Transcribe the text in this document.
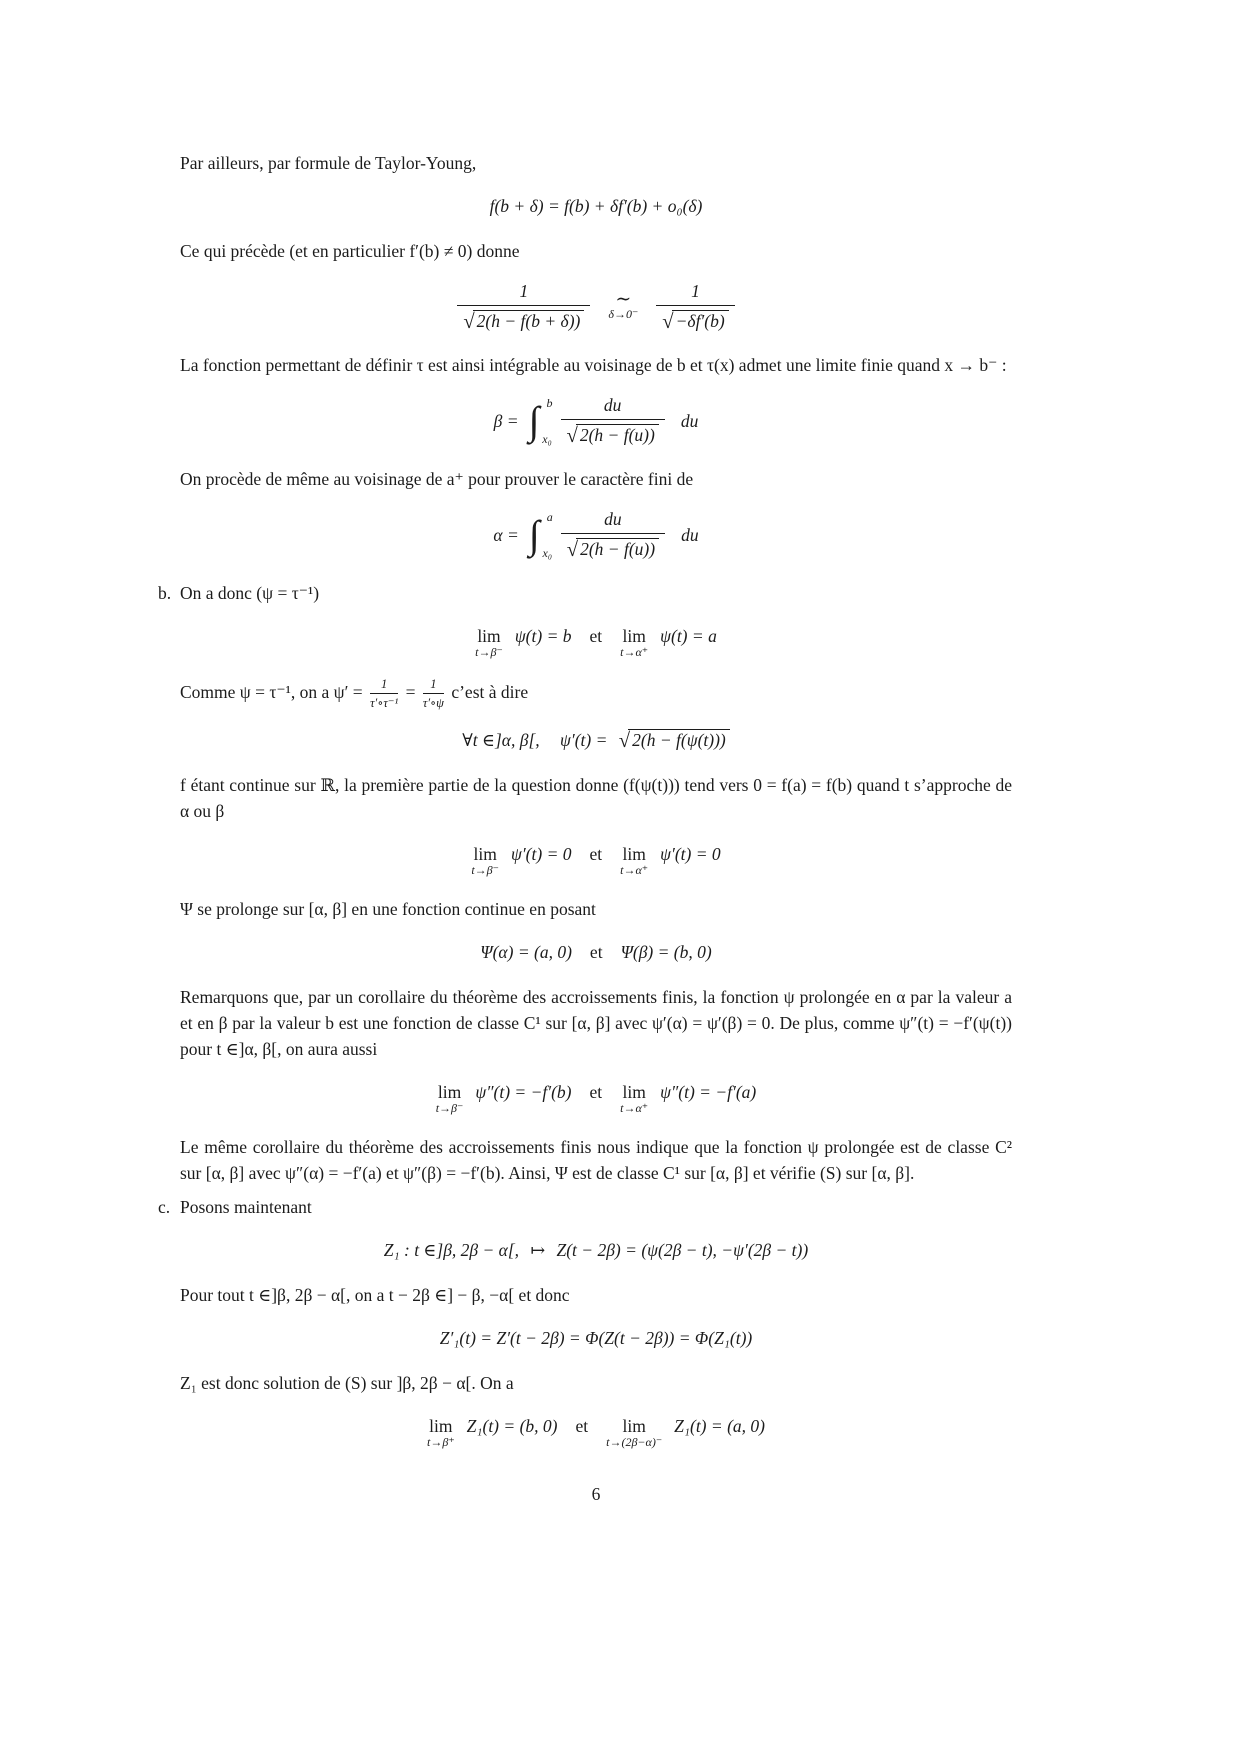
Par ailleurs, par formule de Taylor-Young,

f(b + δ) = f(b) + δf′(b) + o₀(δ)

Ce qui précède (et en particulier f′(b) ≠ 0) donne

$\frac{1}{√ 2(h - f(b + \delta))}$ ∼
$\delta\to 0^- \frac{1}{√ -\delta f'(b)}$

La fonction permettant de définir τ est ainsi intégrable au voisinage de b et τ(x) admet une limite finie quand x → b⁻ :

β = ∫ b
$x_0 \frac{du}{√ 2(h - f(u))}$ du

On procède de même au voisinage de a⁺ pour prouver le caractère fini de

α = ∫ a
$x_0 \frac{du}{√ 2(h - f(u))}$ du
b. On a donc (ψ = τ⁻¹)
lim
t→β⁻
ψ(t) = b et lim
t→α⁺
ψ(t) = a

Comme ψ = τ⁻¹, on a $\psi' = \frac{1}{\text{τ′∘τ⁻¹}} = \frac{1}{\tau'\circ\psi}$ c’est à dire

∀t ∈]α, β[, ψ′(t) = √ 2(h − f(ψ(t)))

f étant continue sur ℝ, la première partie de la question donne (f(ψ(t))) tend vers 0 = f(a) = f(b) quand t s’approche de α ou β

lim
t→β⁻
ψ′(t) = 0 et lim
t→α⁺
ψ′(t) = 0

Ψ se prolonge sur [α, β] en une fonction continue en posant

Ψ(α) = (a, 0) et Ψ(β) = (b, 0)

Remarquons que, par un corollaire du théorème des accroissements finis, la fonction ψ prolongée en α par la valeur a et en β par la valeur b est une fonction de classe C¹ sur [α, β] avec ψ′(α) = ψ′(β) = 0. De plus, comme ψ″(t) = −f′(ψ(t)) pour t ∈]α, β[, on aura aussi

lim
t→β⁻
ψ″(t) = −f′(b) et lim
t→α⁺
ψ″(t) = −f′(a)

Le même corollaire du théorème des accroissements finis nous indique que la fonction ψ prolongée est de classe C² sur [α, β] avec ψ″(α) = −f′(a) et ψ″(β) = −f′(b). Ainsi, Ψ est de classe C¹ sur [α, β] et vérifie (S) sur [α, β].

c. Posons maintenant
Z₁ : t ∈]β, 2β − α[, ↦ Z(t − 2β) = (ψ(2β − t), −ψ′(2β − t))

Pour tout t ∈]β, 2β − α[, on a t − 2β ∈] − β, −α[ et donc

Z′₁(t) = Z′(t − 2β) = Φ(Z(t − 2β)) = Φ(Z₁(t))

Z₁ est donc solution de (S) sur ]β, 2β − α[. On a

lim
t→β⁺
Z₁(t) = (b, 0) et lim
t→(2β−α)⁻
Z₁(t) = (a, 0)
6
